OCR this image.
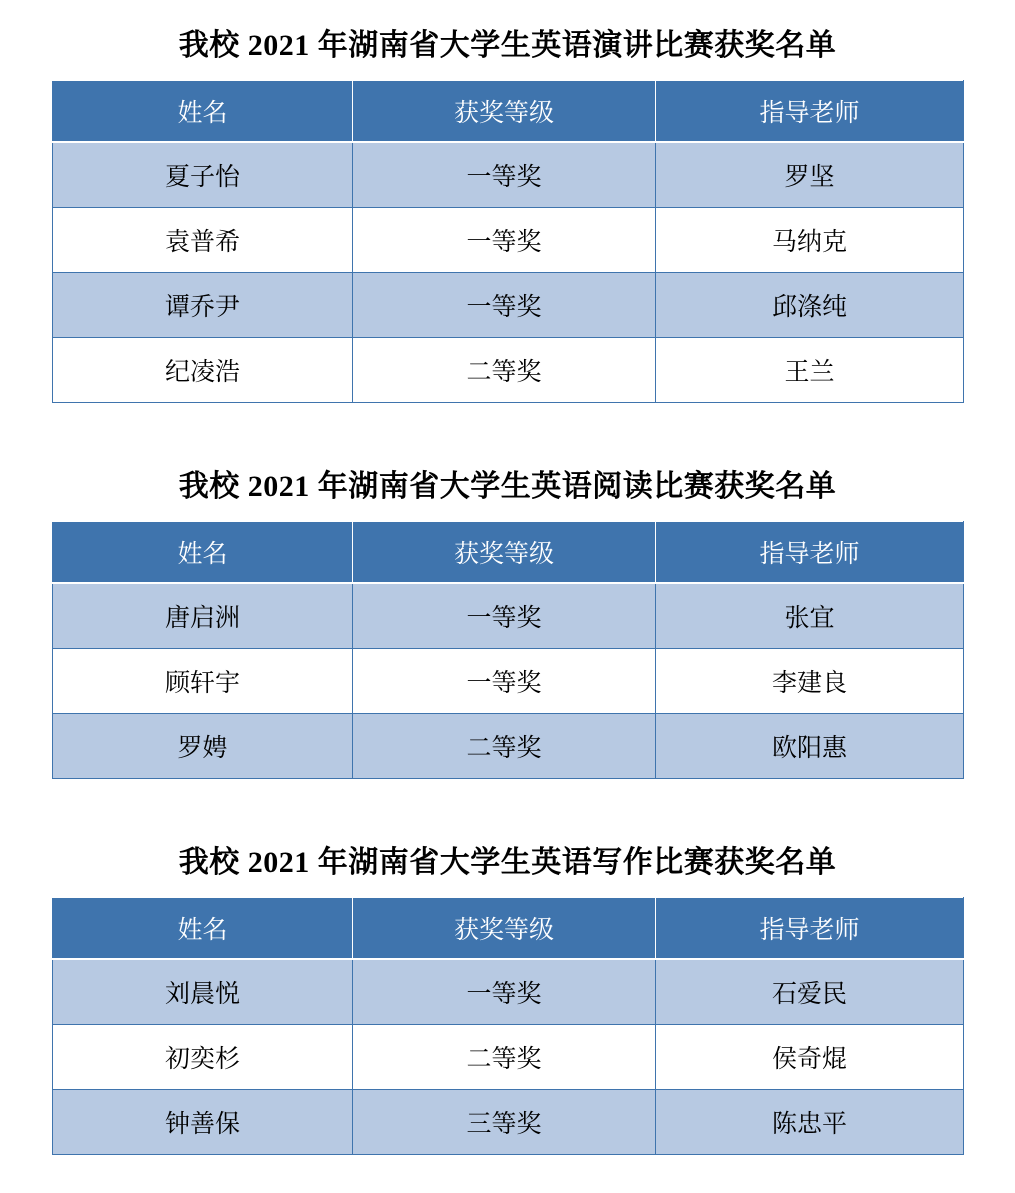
我校 2021 年湖南省大学生英语演讲比赛获奖名单
姓名	获奖等级	指导老师
夏子怡	一等奖	罗坚
袁普希	一等奖	马纳克
谭乔尹	一等奖	邱涤纯
纪凌浩	二等奖	王兰
我校 2021 年湖南省大学生英语阅读比赛获奖名单
姓名	获奖等级	指导老师
唐启洲	一等奖	张宜
顾轩宇	一等奖	李建良
罗娉	二等奖	欧阳惠
我校 2021 年湖南省大学生英语写作比赛获奖名单
姓名	获奖等级	指导老师
刘晨悦	一等奖	石爱民
初奕杉	二等奖	侯奇焜
钟善保	三等奖	陈忠平
